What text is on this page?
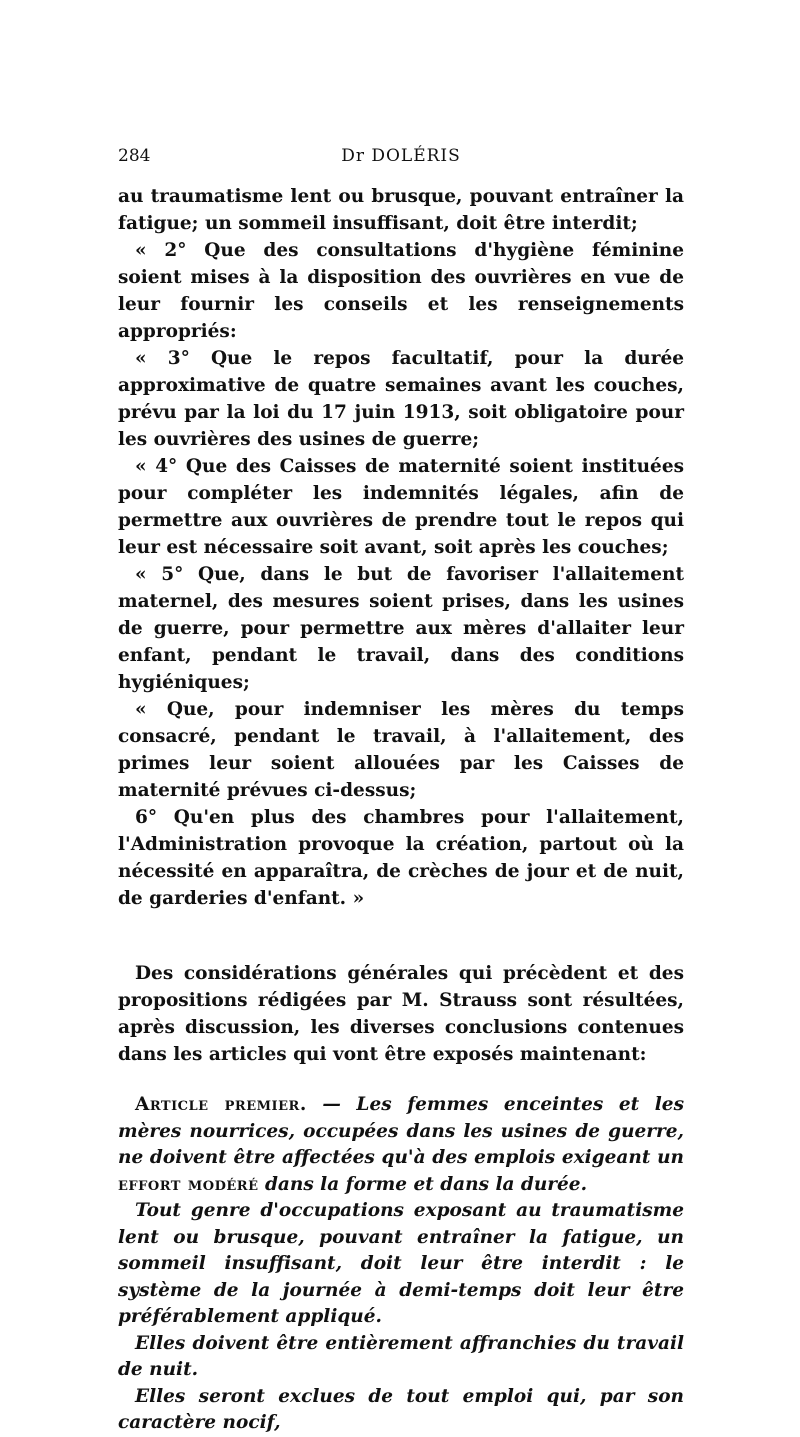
284	Dr DOLÉRIS

au traumatisme lent ou brusque, pouvant entraîner la fatigue; un sommeil insuffisant, doit être interdit;

« 2° Que des consultations d'hygiène féminine soient mises à la disposition des ouvrières en vue de leur fournir les conseils et les renseignements appropriés:

« 3° Que le repos facultatif, pour la durée approximative de quatre semaines avant les couches, prévu par la loi du 17 juin 1913, soit obligatoire pour les ouvrières des usines de guerre;

« 4° Que des Caisses de maternité soient instituées pour compléter les indemnités légales, afin de permettre aux ouvrières de prendre tout le repos qui leur est nécessaire soit avant, soit après les couches;

« 5° Que, dans le but de favoriser l'allaitement maternel, des mesures soient prises, dans les usines de guerre, pour permettre aux mères d'allaiter leur enfant, pendant le travail, dans des conditions hygiéniques;

« Que, pour indemniser les mères du temps consacré, pendant le travail, à l'allaitement, des primes leur soient allouées par les Caisses de maternité prévues ci-dessus;

6° Qu'en plus des chambres pour l'allaitement, l'Administration provoque la création, partout où la nécessité en apparaîtra, de crèches de jour et de nuit, de garderies d'enfant. »

Des considérations générales qui précèdent et des propositions rédigées par M. Strauss sont résultées, après discussion, les diverses conclusions contenues dans les articles qui vont être exposés maintenant:

Article premier. — Les femmes enceintes et les mères nourrices, occupées dans les usines de guerre, ne doivent être affectées qu'à des emplois exigeant un effort modéré dans la forme et dans la durée.

Tout genre d'occupations exposant au traumatisme lent ou brusque, pouvant entraîner la fatigue, un sommeil insuffisant, doit leur être interdit : le système de la journée à demi-temps doit leur être préférablement appliqué.

Elles doivent être entièrement affranchies du travail de nuit.

Elles seront exclues de tout emploi qui, par son caractère nocif,
